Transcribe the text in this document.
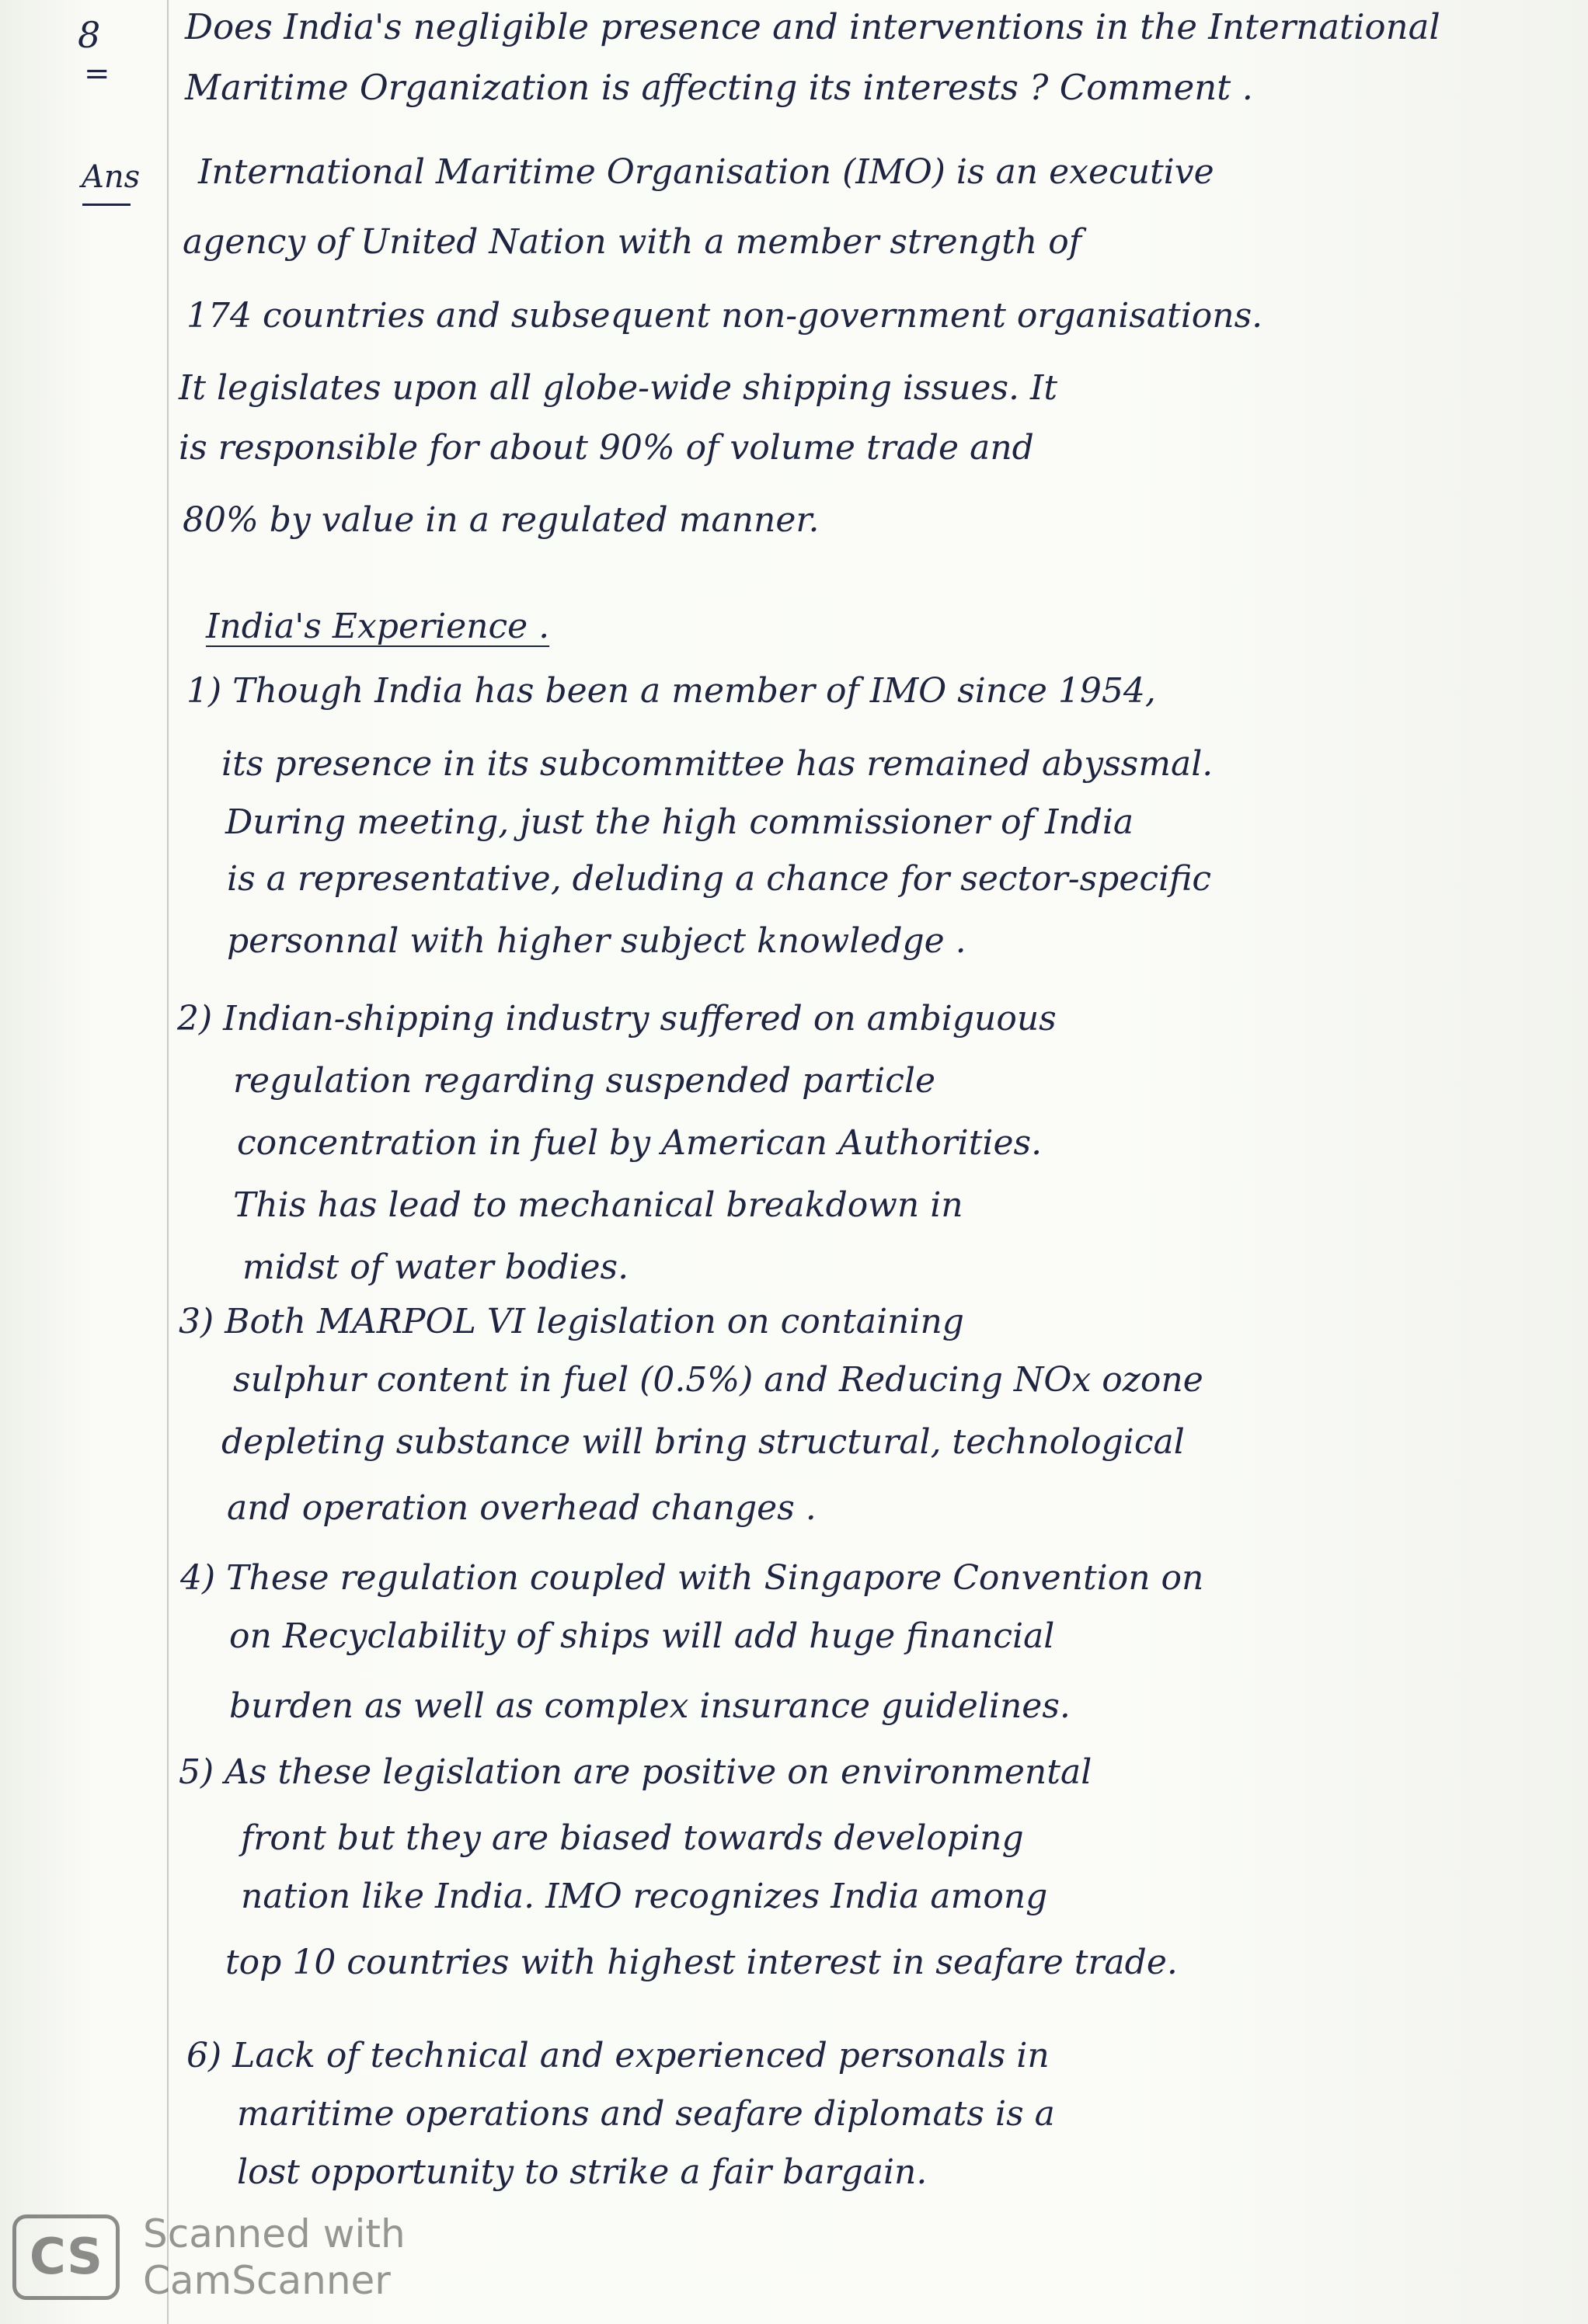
8
=
Does India's negligible presence and interventions in the International
Maritime Organization is affecting its interests ? Comment .
Ans International Maritime Organisation (IMO) is an executive
agency of United Nation with a member strength of
174 countries and subsequent non-government organisations.
It legislates upon all globe-wide shipping issues. It
is responsible for about 90% of volume trade and
80% by value in a regulated manner.
India's Experience .
1) Though India has been a member of IMO since 1954,
its presence in its subcommittee has remained abyssmal.
During meeting, just the high commissioner of India
is a representative, deluding a chance for sector-specific
personnal with higher subject knowledge .
2) Indian-shipping industry suffered on ambiguous
regulation regarding suspended particle
concentration in fuel by American Authorities.
This has lead to mechanical breakdown in
midst of water bodies.
3) Both MARPOL VI legislation on containing
sulphur content in fuel (0.5%) and Reducing NOx ozone
depleting substance will bring structural, technological
and operation overhead changes .
4) These regulation coupled with Singapore Convention on
on Recyclability of ships will add huge financial
burden as well as complex insurance guidelines.
5) As these legislation are positive on environmental
front but they are biased towards developing
nation like India. IMO recognizes India among
top 10 countries with highest interest in seafare trade.
6) Lack of technical and experienced personals in
maritime operations and seafare diplomats is a
lost opportunity to strike a fair bargain.
CS	Scanned with
CamScanner
